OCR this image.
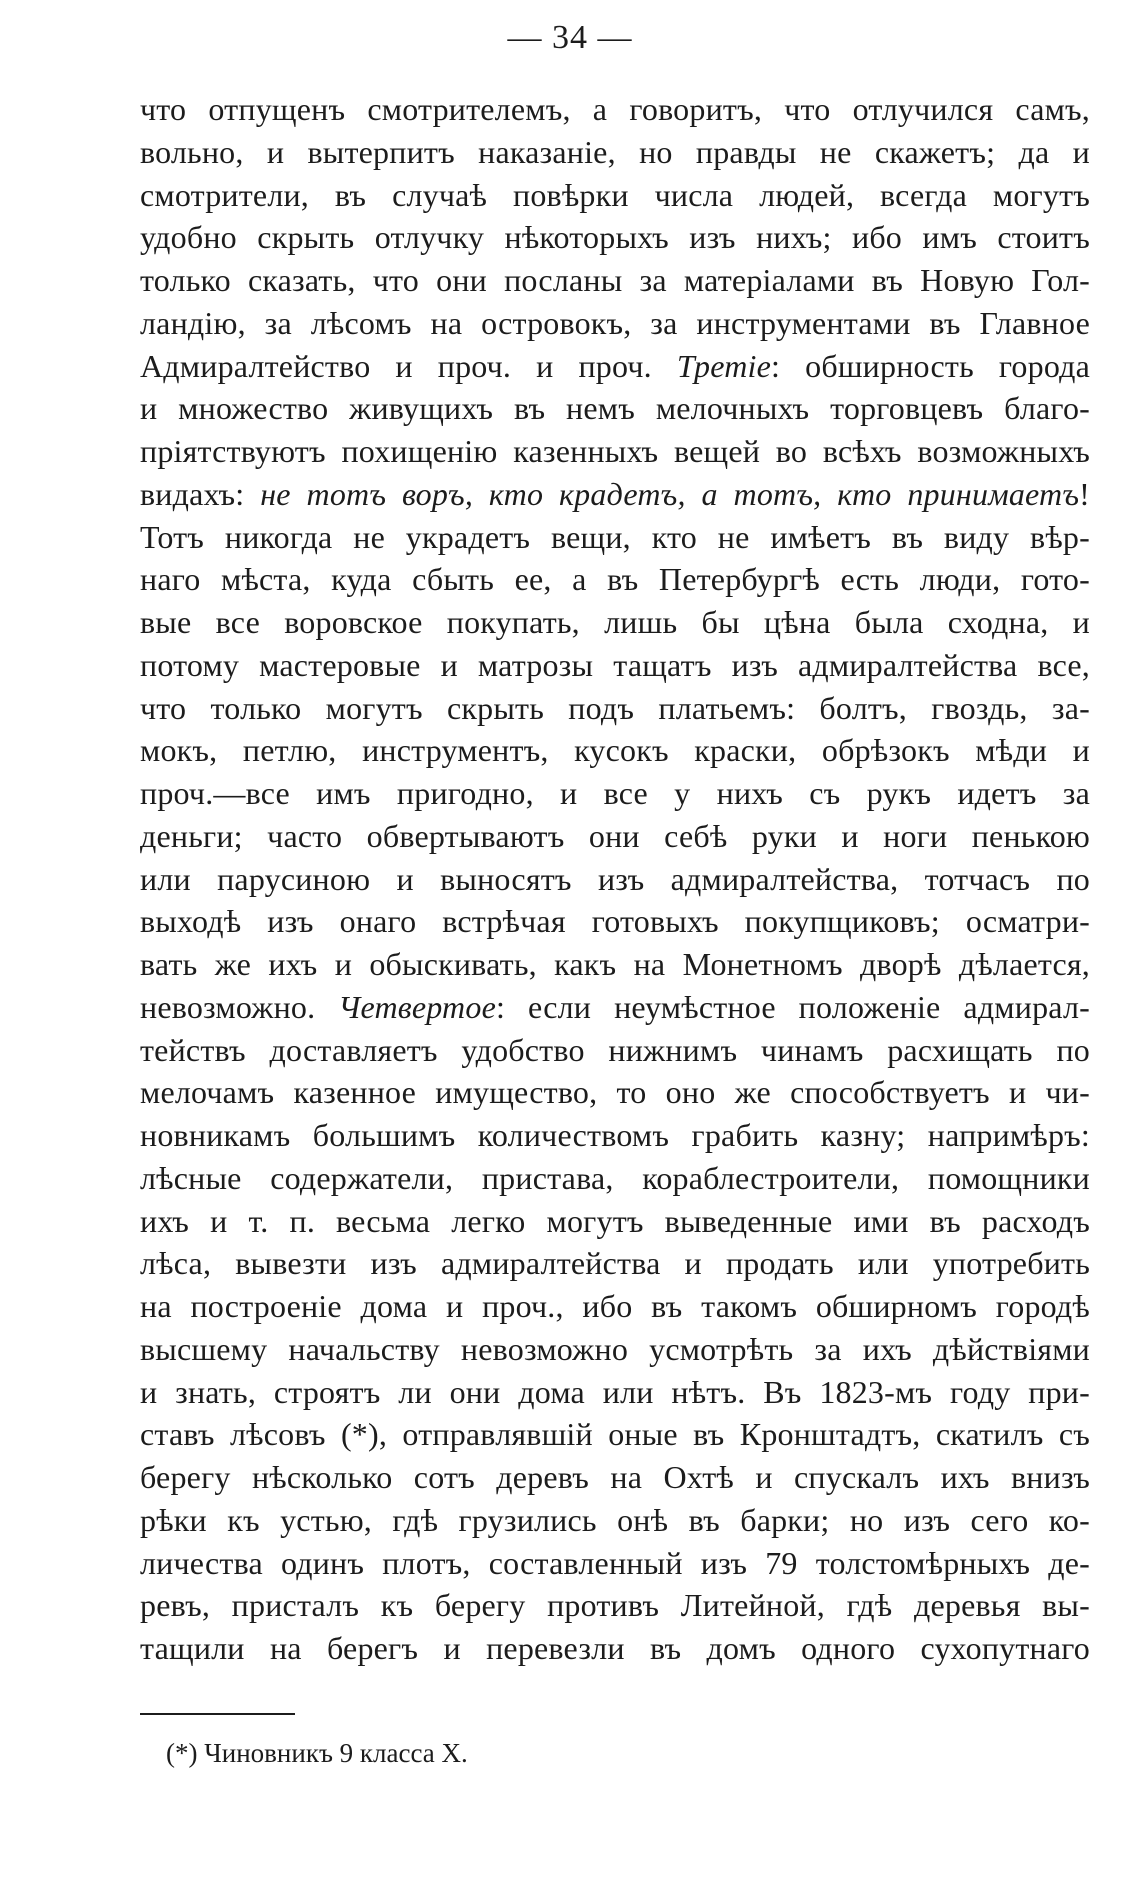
— 34 —
что отпущенъ смотрителемъ, а говоритъ, что отлучился самъ,
вольно, и вытерпитъ наказаніе, но правды не скажетъ; да и
смотрители, въ случаѣ повѣрки числа людей, всегда могутъ
удобно скрыть отлучку нѣкоторыхъ изъ нихъ; ибо имъ стоитъ
только сказать, что они посланы за матеріалами въ Новую Гол-
ландію, за лѣсомъ на островокъ, за инструментами въ Главное
Адмиралтейство и проч. и проч. Третіе: обширность города
и множество живущихъ въ немъ мелочныхъ торговцевъ благо-
пріятствуютъ похищенію казенныхъ вещей во всѣхъ возможныхъ
видахъ: не тотъ воръ, кто крадетъ, а тотъ, кто принимаетъ!
Тотъ никогда не украдетъ вещи, кто не имѣетъ въ виду вѣр-
наго мѣста, куда сбыть ее, а въ Петербургѣ есть люди, гото-
вые все воровское покупать, лишь бы цѣна была сходна, и
потому мастеровые и матрозы тащатъ изъ адмиралтейства все,
что только могутъ скрыть подъ платьемъ: болтъ, гвоздь, за-
мокъ, петлю, инструментъ, кусокъ краски, обрѣзокъ мѣди и
проч.—все имъ пригодно, и все у нихъ съ рукъ идетъ за
деньги; часто обвертываютъ они себѣ руки и ноги пенькою
или парусиною и выносятъ изъ адмиралтейства, тотчасъ по
выходѣ изъ онаго встрѣчая готовыхъ покупщиковъ; осматри-
вать же ихъ и обыскивать, какъ на Монетномъ дворѣ дѣлается,
невозможно. Четвертое: если неумѣстное положеніе адмирал-
тействъ доставляетъ удобство нижнимъ чинамъ расхищать по
мелочамъ казенное имущество, то оно же способствуетъ и чи-
новникамъ большимъ количествомъ грабить казну; напримѣръ:
лѣсные содержатели, пристава, кораблестроители, помощники
ихъ и т. п. весьма легко могутъ выведенные ими въ расходъ
лѣса, вывезти изъ адмиралтейства и продать или употребить
на построеніе дома и проч., ибо въ такомъ обширномъ городѣ
высшему начальству невозможно усмотрѣть за ихъ дѣйствіями
и знать, строятъ ли они дома или нѣтъ. Въ 1823-мъ году при-
ставъ лѣсовъ (*), отправлявшій оные въ Кронштадтъ, скатилъ съ
берегу нѣсколько сотъ деревъ на Охтѣ и спускалъ ихъ внизъ
рѣки къ устью, гдѣ грузились онѣ въ барки; но изъ сего ко-
личества одинъ плотъ, составленный изъ 79 толстомѣрныхъ де-
ревъ, присталъ къ берегу противъ Литейной, гдѣ деревья вы-
тащили на берегъ и перевезли въ домъ одного сухопутнаго
(*) Чиновникъ 9 класса Х.
